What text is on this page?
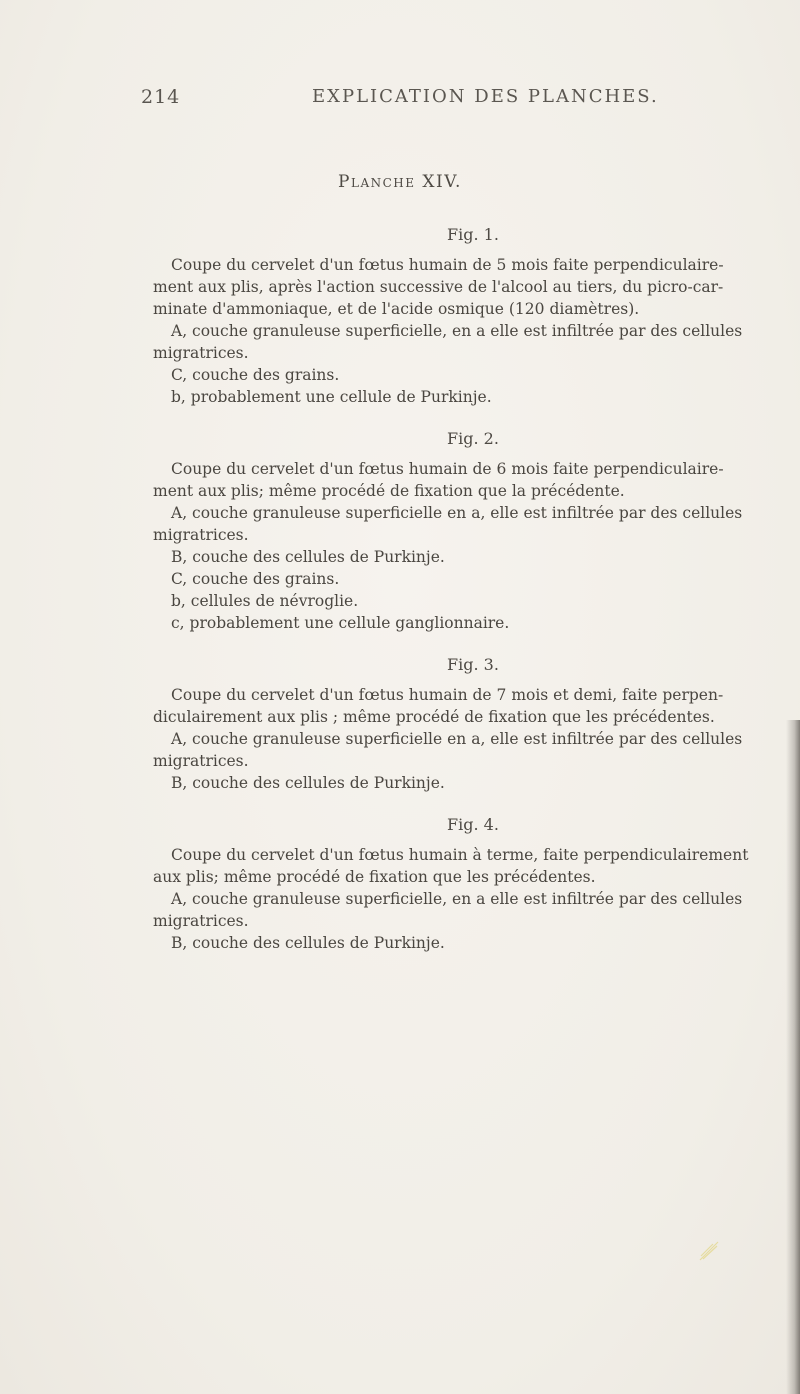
214	EXPLICATION DES PLANCHES.
Planche XIV.
Fig. 1.
Coupe du cervelet d'un fœtus humain de 5 mois faite perpendiculaire-
ment aux plis, après l'action successive de l'alcool au tiers, du picro-car-
minate d'ammoniaque, et de l'acide osmique (120 diamètres).
A, couche granuleuse superficielle, en a elle est infiltrée par des cellules
migratrices.
C, couche des grains.
b, probablement une cellule de Purkinje.
Fig. 2.
Coupe du cervelet d'un fœtus humain de 6 mois faite perpendiculaire-
ment aux plis; même procédé de fixation que la précédente.
A, couche granuleuse superficielle en a, elle est infiltrée par des cellules
migratrices.
B, couche des cellules de Purkinje.
C, couche des grains.
b, cellules de névroglie.
c, probablement une cellule ganglionnaire.
Fig. 3.
Coupe du cervelet d'un fœtus humain de 7 mois et demi, faite perpen-
diculairement aux plis ; même procédé de fixation que les précédentes.
A, couche granuleuse superficielle en a, elle est infiltrée par des cellules
migratrices.
B, couche des cellules de Purkinje.
Fig. 4.
Coupe du cervelet d'un fœtus humain à terme, faite perpendiculairement
aux plis; même procédé de fixation que les précédentes.
A, couche granuleuse superficielle, en a elle est infiltrée par des cellules
migratrices.
B, couche des cellules de Purkinje.
